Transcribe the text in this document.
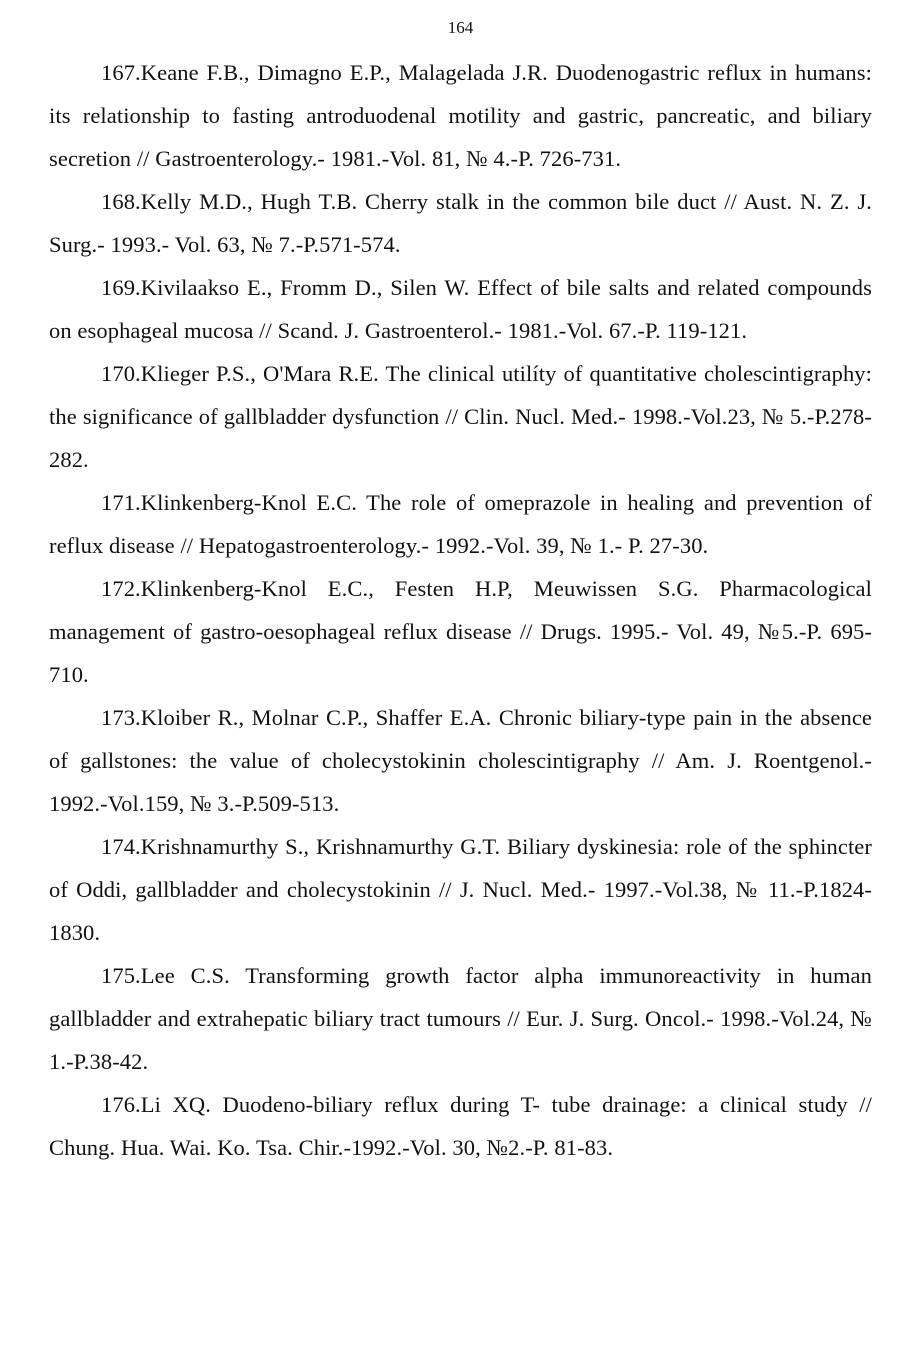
164

167.Keane F.B., Dimagno E.P., Malagelada J.R. Duodenogastric reflux in humans: its relationship to fasting antroduodenal motility and gastric, pancreatic, and biliary secretion // Gastroenterology.- 1981.-Vol. 81, № 4.-P. 726-731.

168.Kelly M.D., Hugh T.B. Cherry stalk in the common bile duct // Aust. N. Z. J. Surg.- 1993.- Vol. 63, № 7.-P.571-574.

169.Kivilaakso E., Fromm D., Silen W. Effect of bile salts and related compounds on esophageal mucosa // Scand. J. Gastroenterol.- 1981.-Vol. 67.-P. 119-121.

170.Klieger P.S., O'Mara R.E. The clinical utilíty of quantitative cholescintigraphy: the significance of gallbladder dysfunction // Clin. Nucl. Med.- 1998.-Vol.23, № 5.-P.278-282.

171.Klinkenberg-Knol E.C. The role of omeprazole in healing and prevention of reflux disease // Hepatogastroenterology.- 1992.-Vol. 39, № 1.- P. 27-30.

172.Klinkenberg-Knol E.C., Festen H.P, Meuwissen S.G. Pharmacological management of gastro-oesophageal reflux disease // Drugs. 1995.- Vol. 49, №5.-P. 695-710.

173.Kloiber R., Molnar C.P., Shaffer E.A. Chronic biliary-type pain in the absence of gallstones: the value of cholecystokinin cholescintigraphy // Am. J. Roentgenol.- 1992.-Vol.159, № 3.-P.509-513.

174.Krishnamurthy S., Krishnamurthy G.T. Biliary dyskinesia: role of the sphincter of Oddi, gallbladder and cholecystokinin // J. Nucl. Med.- 1997.-Vol.38, № 11.-P.1824-1830.

175.Lee C.S. Transforming growth factor alpha immunoreactivity in human gallbladder and extrahepatic biliary tract tumours // Eur. J. Surg. Oncol.- 1998.-Vol.24, № 1.-P.38-42.

176.Li XQ. Duodeno-biliary reflux during T- tube drainage: a clinical study // Chung. Hua. Wai. Ko. Tsa. Chir.-1992.-Vol. 30, №2.-P. 81-83.
